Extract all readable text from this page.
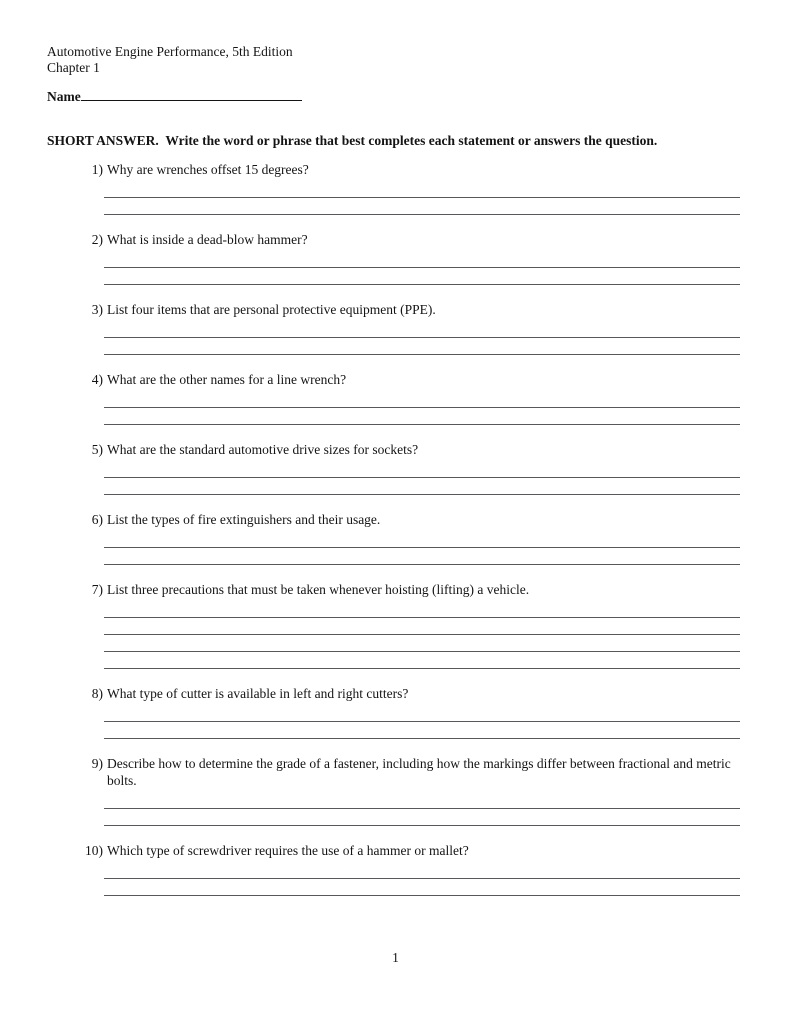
Automotive Engine Performance, 5th Edition
Chapter 1
Name
SHORT ANSWER.  Write the word or phrase that best completes each statement or answers the question.
1) Why are wrenches offset 15 degrees?
2) What is inside a dead-blow hammer?
3) List four items that are personal protective equipment (PPE).
4) What are the other names for a line wrench?
5) What are the standard automotive drive sizes for sockets?
6) List the types of fire extinguishers and their usage.
7) List three precautions that must be taken whenever hoisting (lifting) a vehicle.
8) What type of cutter is available in left and right cutters?
9) Describe how to determine the grade of a fastener, including how the markings differ between fractional and metric bolts.
10) Which type of screwdriver requires the use of a hammer or mallet?
1
